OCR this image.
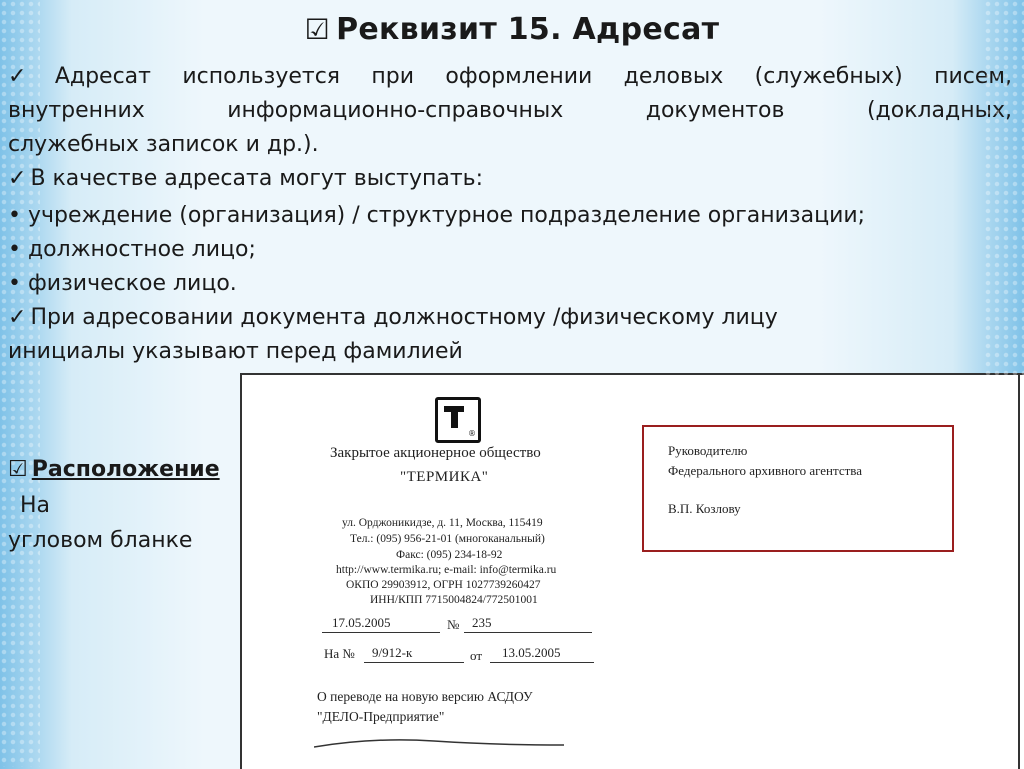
☑ Реквизит 15. Адресат
✓ Адресат используется при оформлении деловых (служебных) писем,
внутренних информационно-справочных документов (докладных,
служебных записок и др.).
✓ В качестве адресата могут выступать:
• учреждение (организация) / структурное подразделение организации;
• должностное лицо;
• физическое лицо.
✓ При адресовании документа должностному /физическому лицу
инициалы указывают перед фамилией
☑ Расположение
На
угловом бланке
®
Закрытое акционерное общество
"ТЕРМИКА"
ул. Орджоникидзе, д. 11, Москва, 115419
Тел.: (095) 956-21-01 (многоканальный)
Факс: (095) 234-18-92
http://www.termika.ru; e-mail: info@termika.ru
ОКПО 29903912, ОГРН 1027739260427
ИНН/КПП 7715004824/772501001
17.05.2005	№ 235
На № 9/912-к	от 13.05.2005
О переводе на новую версию АСДОУ
"ДЕЛО-Предприятие"
Руководителю
Федерального архивного агентства
В.П. Козлову
